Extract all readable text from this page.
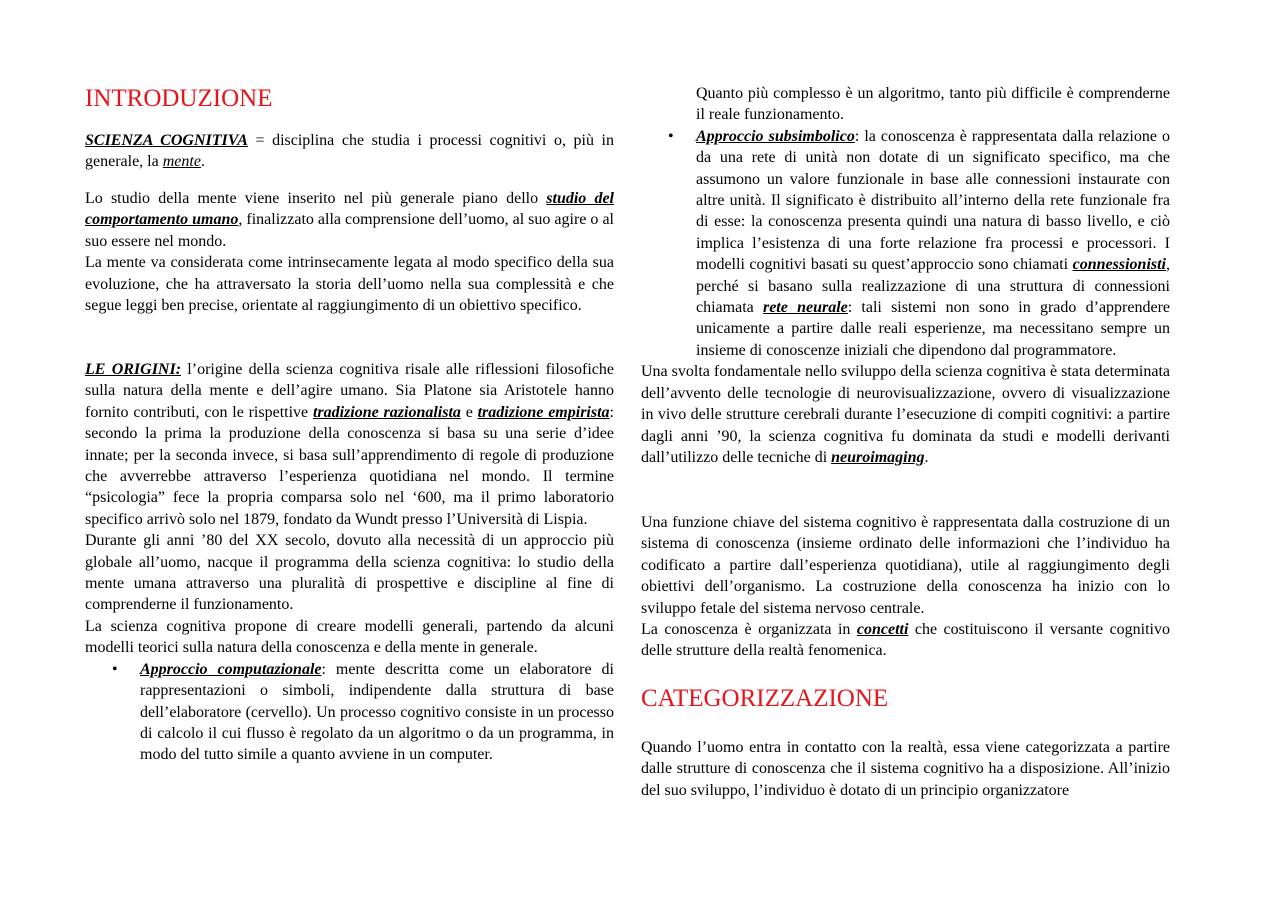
INTRODUZIONE

SCIENZA COGNITIVA = disciplina che studia i processi cognitivi o, più in generale, la mente.

Lo studio della mente viene inserito nel più generale piano dello studio del comportamento umano, finalizzato alla comprensione dell’uomo, al suo agire o al suo essere nel mondo.

La mente va considerata come intrinsecamente legata al modo specifico della sua evoluzione, che ha attraversato la storia dell’uomo nella sua complessità e che segue leggi ben precise, orientate al raggiungimento di un obiettivo specifico.

LE ORIGINI: l’origine della scienza cognitiva risale alle riflessioni filosofiche sulla natura della mente e dell’agire umano. Sia Platone sia Aristotele hanno fornito contributi, con le rispettive tradizione razionalista e tradizione empirista: secondo la prima la produzione della conoscenza si basa su una serie d’idee innate; per la seconda invece, si basa sull’apprendimento di regole di produzione che avverrebbe attraverso l’esperienza quotidiana nel mondo. Il termine “psicologia” fece la propria comparsa solo nel ‘600, ma il primo laboratorio specifico arrivò solo nel 1879, fondato da Wundt presso l’Università di Lispia.

Durante gli anni ’80 del XX secolo, dovuto alla necessità di un approccio più globale all’uomo, nacque il programma della scienza cognitiva: lo studio della mente umana attraverso una pluralità di prospettive e discipline al fine di comprenderne il funzionamento.

La scienza cognitiva propone di creare modelli generali, partendo da alcuni modelli teorici sulla natura della conoscenza e della mente in generale.

• Approccio computazionale: mente descritta come un elaboratore di rappresentazioni o simboli, indipendente dalla struttura di base dell’elaboratore (cervello). Un processo cognitivo consiste in un processo di calcolo il cui flusso è regolato da un algoritmo o da un programma, in modo del tutto simile a quanto avviene in un computer.

Quanto più complesso è un algoritmo, tanto più difficile è comprenderne il reale funzionamento.

• Approccio subsimbolico: la conoscenza è rappresentata dalla relazione o da una rete di unità non dotate di un significato specifico, ma che assumono un valore funzionale in base alle connessioni instaurate con altre unità. Il significato è distribuito all’interno della rete funzionale fra di esse: la conoscenza presenta quindi una natura di basso livello, e ciò implica l’esistenza di una forte relazione fra processi e processori. I modelli cognitivi basati su quest’approccio sono chiamati connessionisti, perché si basano sulla realizzazione di una struttura di connessioni chiamata rete neurale: tali sistemi non sono in grado d’apprendere unicamente a partire dalle reali esperienze, ma necessitano sempre un insieme di conoscenze iniziali che dipendono dal programmatore.

Una svolta fondamentale nello sviluppo della scienza cognitiva è stata determinata dell’avvento delle tecnologie di neurovisualizzazione, ovvero di visualizzazione in vivo delle strutture cerebrali durante l’esecuzione di compiti cognitivi: a partire dagli anni ’90, la scienza cognitiva fu dominata da studi e modelli derivanti dall’utilizzo delle tecniche di neuroimaging.

Una funzione chiave del sistema cognitivo è rappresentata dalla costruzione di un sistema di conoscenza (insieme ordinato delle informazioni che l’individuo ha codificato a partire dall’esperienza quotidiana), utile al raggiungimento degli obiettivi dell’organismo. La costruzione della conoscenza ha inizio con lo sviluppo fetale del sistema nervoso centrale.

La conoscenza è organizzata in concetti che costituiscono il versante cognitivo delle strutture della realtà fenomenica.

CATEGORIZZAZIONE

Quando l’uomo entra in contatto con la realtà, essa viene categorizzata a partire dalle strutture di conoscenza che il sistema cognitivo ha a disposizione. All’inizio del suo sviluppo, l’individuo è dotato di un principio organizzatore
